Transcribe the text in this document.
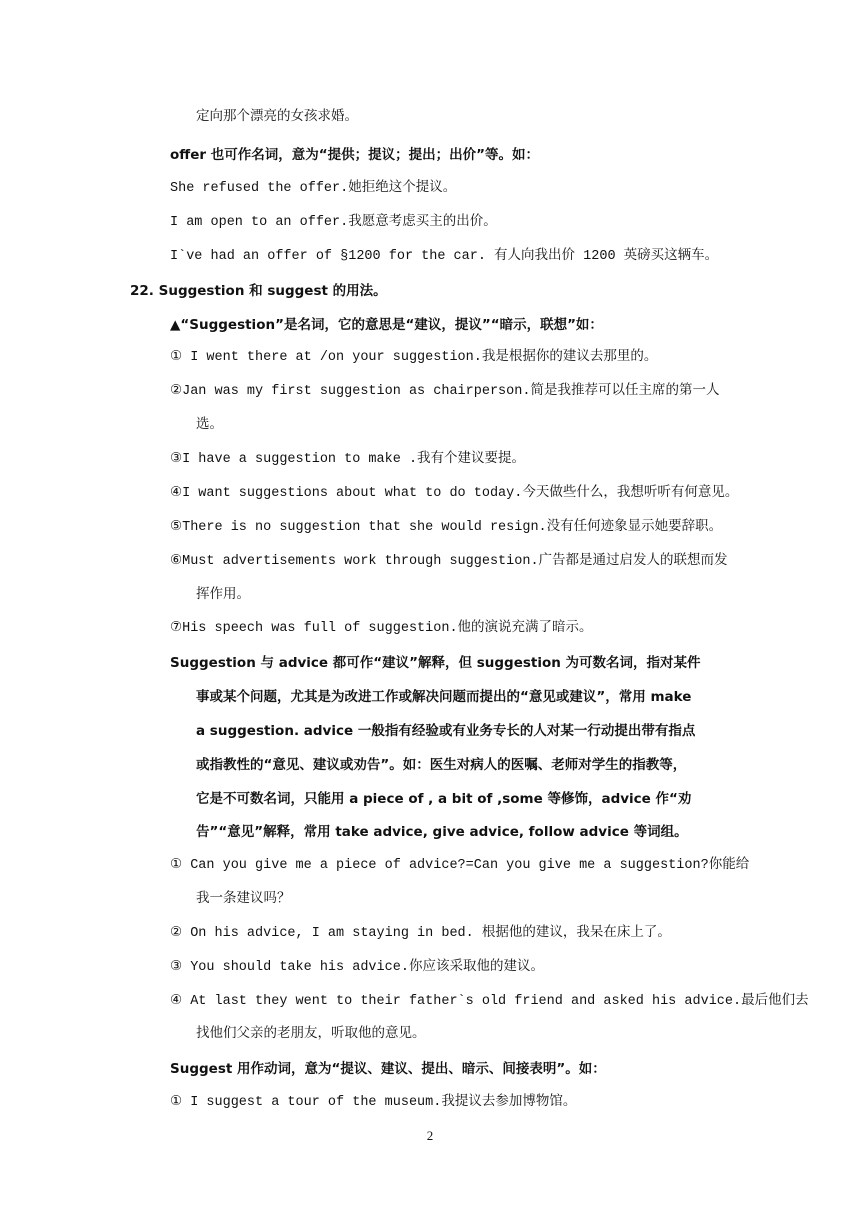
定向那个漂亮的女孩求婚。
offer 也可作名词，意为“提供；提议；提出；出价”等。如：
She refused the offer.她拒绝这个提议。
I am open to an offer.我愿意考虑买主的出价。
I`ve had an offer of §1200 for the car. 有人向我出价 1200 英磅买这辆车。
22. Suggestion 和 suggest 的用法。
▲“Suggestion”是名词，它的意思是“建议，提议”“暗示，联想”如：
① I went there at /on your suggestion.我是根据你的建议去那里的。
②Jan was my first suggestion as chairperson.简是我推荐可以任主席的第一人
选。
③I have a suggestion to make .我有个建议要提。
④I want suggestions about what to do today.今天做些什么，我想听听有何意见。
⑤There is no suggestion that she would resign.没有任何迹象显示她要辞职。
⑥Must advertisements work through suggestion.广告都是通过启发人的联想而发
挥作用。
⑦His speech was full of suggestion.他的演说充满了暗示。
Suggestion 与 advice 都可作“建议”解释，但 suggestion 为可数名词，指对某件
事或某个问题，尤其是为改进工作或解决问题而提出的“意见或建议”，常用 make
a suggestion. advice 一般指有经验或有业务专长的人对某一行动提出带有指点
或指教性的“意见、建议或劝告”。如：医生对病人的医嘱、老师对学生的指教等，
它是不可数名词，只能用 a piece of , a bit of ,some 等修饰，advice 作“劝
告”“意见”解释，常用 take advice, give advice, follow advice 等词组。
① Can you give me a piece of advice?=Can you give me a suggestion?你能给
我一条建议吗？
② On his advice, I am staying in bed. 根据他的建议，我呆在床上了。
③ You should take his advice.你应该采取他的建议。
④ At last they went to their father`s old friend and asked his advice.最后他们去
找他们父亲的老朋友，听取他的意见。
Suggest 用作动词，意为“提议、建议、提出、暗示、间接表明”。如：
① I suggest a tour of the museum.我提议去参加博物馆。
2
